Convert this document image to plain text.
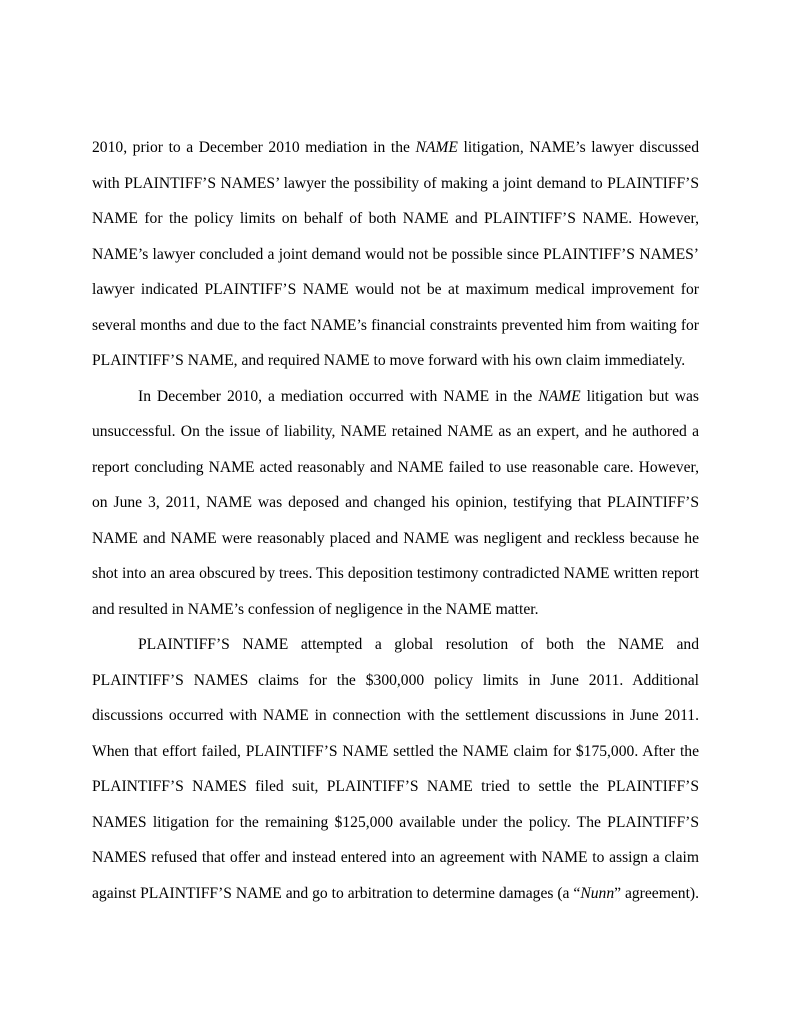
2010, prior to a December 2010 mediation in the NAME litigation, NAME’s lawyer discussed with PLAINTIFF’S NAMES’ lawyer the possibility of making a joint demand to PLAINTIFF’S NAME for the policy limits on behalf of both NAME and PLAINTIFF’S NAME. However, NAME’s lawyer concluded a joint demand would not be possible since PLAINTIFF’S NAMES’ lawyer indicated PLAINTIFF’S NAME would not be at maximum medical improvement for several months and due to the fact NAME’s financial constraints prevented him from waiting for PLAINTIFF’S NAME, and required NAME to move forward with his own claim immediately.

In December 2010, a mediation occurred with NAME in the NAME litigation but was unsuccessful. On the issue of liability, NAME retained NAME as an expert, and he authored a report concluding NAME acted reasonably and NAME failed to use reasonable care. However, on June 3, 2011, NAME was deposed and changed his opinion, testifying that PLAINTIFF’S NAME and NAME were reasonably placed and NAME was negligent and reckless because he shot into an area obscured by trees. This deposition testimony contradicted NAME written report and resulted in NAME’s confession of negligence in the NAME matter.

PLAINTIFF’S NAME attempted a global resolution of both the NAME and PLAINTIFF’S NAMES claims for the $300,000 policy limits in June 2011. Additional discussions occurred with NAME in connection with the settlement discussions in June 2011. When that effort failed, PLAINTIFF’S NAME settled the NAME claim for $175,000. After the PLAINTIFF’S NAMES filed suit, PLAINTIFF’S NAME tried to settle the PLAINTIFF’S NAMES litigation for the remaining $125,000 available under the policy. The PLAINTIFF’S NAMES refused that offer and instead entered into an agreement with NAME to assign a claim against PLAINTIFF’S NAME and go to arbitration to determine damages (a “Nunn” agreement).
